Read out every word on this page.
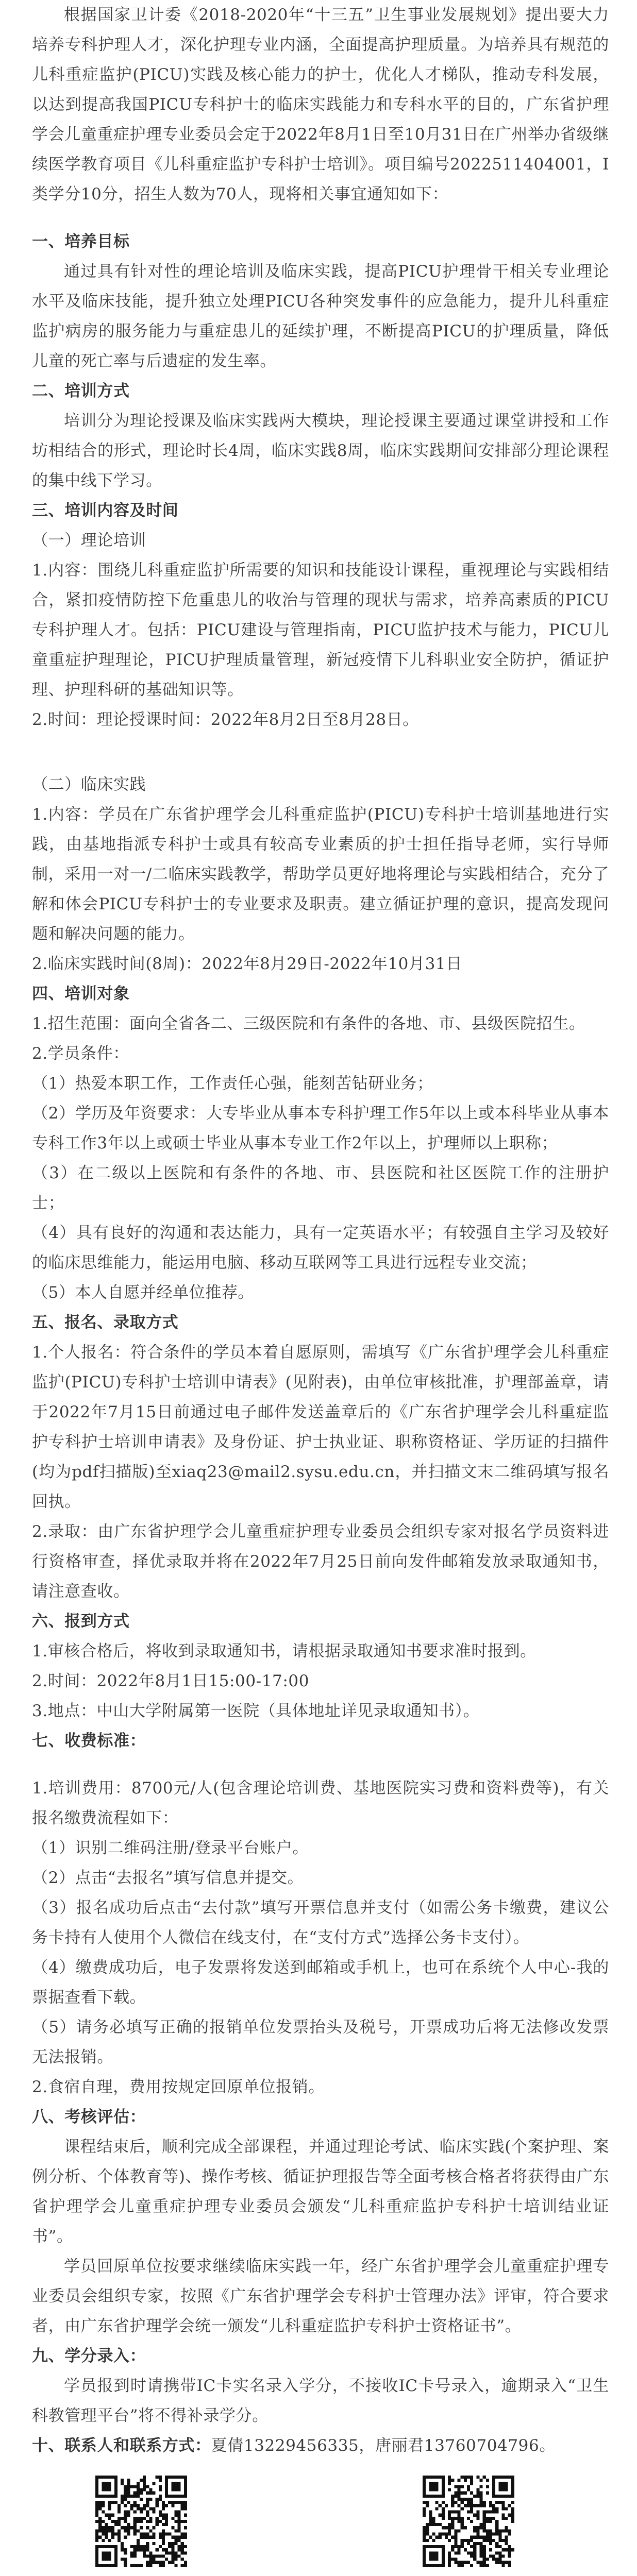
根据国家卫计委《2018-2020年“十三五”卫生事业发展规划》提出要大力培养专科护理人才，深化护理专业内涵，全面提高护理质量。为培养具有规范的儿科重症监护(PICU)实践及核心能力的护士，优化人才梯队，推动专科发展，以达到提高我国PICU专科护士的临床实践能力和专科水平的目的，广东省护理学会儿童重症护理专业委员会定于2022年8月1日至10月31日在广州举办省级继续医学教育项目《儿科重症监护专科护士培训》。项目编号2022511404001，I类学分10分，招生人数为70人，现将相关事宜通知如下：

一、培养目标

通过具有针对性的理论培训及临床实践，提高PICU护理骨干相关专业理论水平及临床技能，提升独立处理PICU各种突发事件的应急能力，提升儿科重症监护病房的服务能力与重症患儿的延续护理，不断提高PICU的护理质量，降低儿童的死亡率与后遗症的发生率。

二、培训方式

培训分为理论授课及临床实践两大模块，理论授课主要通过课堂讲授和工作坊相结合的形式，理论时长4周，临床实践8周，临床实践期间安排部分理论课程的集中线下学习。

三、培训内容及时间

（一）理论培训

1.内容：围绕儿科重症监护所需要的知识和技能设计课程，重视理论与实践相结合，紧扣疫情防控下危重患儿的收治与管理的现状与需求，培养高素质的PICU专科护理人才。包括：PICU建设与管理指南，PICU监护技术与能力，PICU儿童重症护理理论，PICU护理质量管理，新冠疫情下儿科职业安全防护，循证护理、护理科研的基础知识等。

2.时间：理论授课时间：2022年8月2日至8月28日。

（二）临床实践

1.内容：学员在广东省护理学会儿科重症监护(PICU)专科护士培训基地进行实践，由基地指派专科护士或具有较高专业素质的护士担任指导老师，实行导师制，采用一对一/二临床实践教学，帮助学员更好地将理论与实践相结合，充分了解和体会PICU专科护士的专业要求及职责。建立循证护理的意识，提高发现问题和解决问题的能力。

2.临床实践时间(8周)：2022年8月29日-2022年10月31日

四、培训对象

1.招生范围：面向全省各二、三级医院和有条件的各地、市、县级医院招生。

2.学员条件：

（1）热爱本职工作，工作责任心强，能刻苦钻研业务；

（2）学历及年资要求：大专毕业从事本专科护理工作5年以上或本科毕业从事本专科工作3年以上或硕士毕业从事本专业工作2年以上，护理师以上职称；

（3）在二级以上医院和有条件的各地、市、县医院和社区医院工作的注册护士；

（4）具有良好的沟通和表达能力，具有一定英语水平；有较强自主学习及较好的临床思维能力，能运用电脑、移动互联网等工具进行远程专业交流；

（5）本人自愿并经单位推荐。

五、报名、录取方式

1.个人报名：符合条件的学员本着自愿原则，需填写《广东省护理学会儿科重症监护(PICU)专科护士培训申请表》(见附表)，由单位审核批准，护理部盖章，请于2022年7月15日前通过电子邮件发送盖章后的《广东省护理学会儿科重症监护专科护士培训申请表》及身份证、护士执业证、职称资格证、学历证的扫描件(均为pdf扫描版)至xiaq23@mail2.sysu.edu.cn，并扫描文末二维码填写报名回执。

2.录取：由广东省护理学会儿童重症护理专业委员会组织专家对报名学员资料进行资格审查，择优录取并将在2022年7月25日前向发件邮箱发放录取通知书，请注意查收。

六、报到方式

1.审核合格后，将收到录取通知书，请根据录取通知书要求准时报到。

2.时间：2022年8月1日15:00-17:00

3.地点：中山大学附属第一医院（具体地址详见录取通知书）。

七、收费标准：

1.培训费用：8700元/人(包含理论培训费、基地医院实习费和资料费等)，有关报名缴费流程如下：

（1）识别二维码注册/登录平台账户。

（2）点击“去报名”填写信息并提交。

（3）报名成功后点击“去付款”填写开票信息并支付（如需公务卡缴费，建议公务卡持有人使用个人微信在线支付，在“支付方式”选择公务卡支付）。

（4）缴费成功后，电子发票将发送到邮箱或手机上，也可在系统个人中心-我的票据查看下载。

（5）请务必填写正确的报销单位发票抬头及税号，开票成功后将无法修改发票无法报销。

2.食宿自理，费用按规定回原单位报销。

八、考核评估：

课程结束后，顺利完成全部课程，并通过理论考试、临床实践(个案护理、案例分析、个体教育等)、操作考核、循证护理报告等全面考核合格者将获得由广东省护理学会儿童重症护理专业委员会颁发“儿科重症监护专科护士培训结业证书”。

学员回原单位按要求继续临床实践一年，经广东省护理学会儿童重症护理专业委员会组织专家，按照《广东省护理学会专科护士管理办法》评审，符合要求者，由广东省护理学会统一颁发“儿科重症监护专科护士资格证书”。

九、学分录入：

学员报到时请携带IC卡实名录入学分，不接收IC卡号录入，逾期录入“卫生科教管理平台”将不得补录学分。

十、联系人和联系方式：夏倩13229456335，唐丽君13760704796。
